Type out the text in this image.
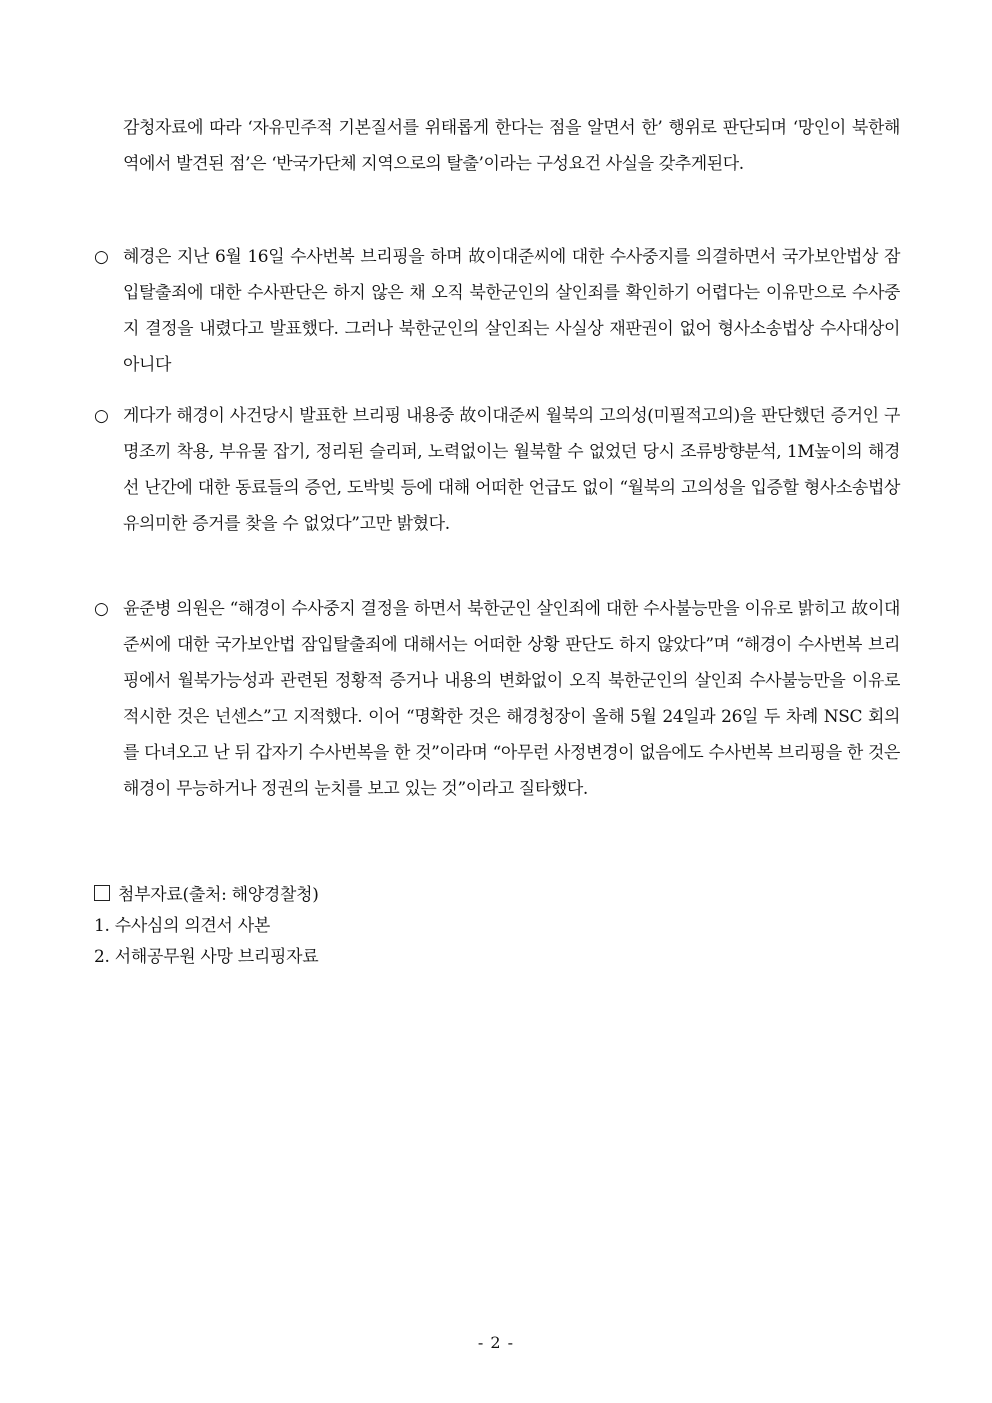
감청자료에 따라 ‘자유민주적 기본질서를 위태롭게 한다는 점을 알면서 한’ 행위로 판단되며 ‘망인이 북한해역에서 발견된 점’은 ‘반국가단체 지역으로의 탈출’이라는 구성요건 사실을 갖추게된다.
○ 혜경은 지난 6월 16일 수사번복 브리핑을 하며 故이대준씨에 대한 수사중지를 의결하면서 국가보안법상 잠입탈출죄에 대한 수사판단은 하지 않은 채 오직 북한군인의 살인죄를 확인하기 어렵다는 이유만으로 수사중지 결정을 내렸다고 발표했다. 그러나 북한군인의 살인죄는 사실상 재판권이 없어 형사소송법상 수사대상이 아니다
○ 게다가 해경이 사건당시 발표한 브리핑 내용중 故이대준씨 월북의 고의성(미필적고의)을 판단했던 증거인 구명조끼 착용, 부유물 잡기, 정리된 슬리퍼, 노력없이는 월북할 수 없었던 당시 조류방향분석, 1M높이의 해경선 난간에 대한 동료들의 증언, 도박빚 등에 대해 어떠한 언급도 없이 “월북의 고의성을 입증할 형사소송법상 유의미한 증거를 찾을 수 없었다”고만 밝혔다.
○ 윤준병 의원은 “해경이 수사중지 결정을 하면서 북한군인 살인죄에 대한 수사불능만을 이유로 밝히고 故이대준씨에 대한 국가보안법 잠입탈출죄에 대해서는 어떠한 상황 판단도 하지 않았다”며 “해경이 수사번복 브리핑에서 월북가능성과 관련된 정황적 증거나 내용의 변화없이 오직 북한군인의 살인죄 수사불능만을 이유로 적시한 것은 넌센스”고 지적했다. 이어 “명확한 것은 해경청장이 올해 5월 24일과 26일 두 차례 NSC 회의를 다녀오고 난 뒤 갑자기 수사번복을 한 것”이라며 “아무런 사정변경이 없음에도 수사번복 브리핑을 한 것은 해경이 무능하거나 정권의 눈치를 보고 있는 것”이라고 질타했다.
첨부자료(출처: 해양경찰청)
1. 수사심의 의견서 사본
2. 서해공무원 사망 브리핑자료
- 2 -
